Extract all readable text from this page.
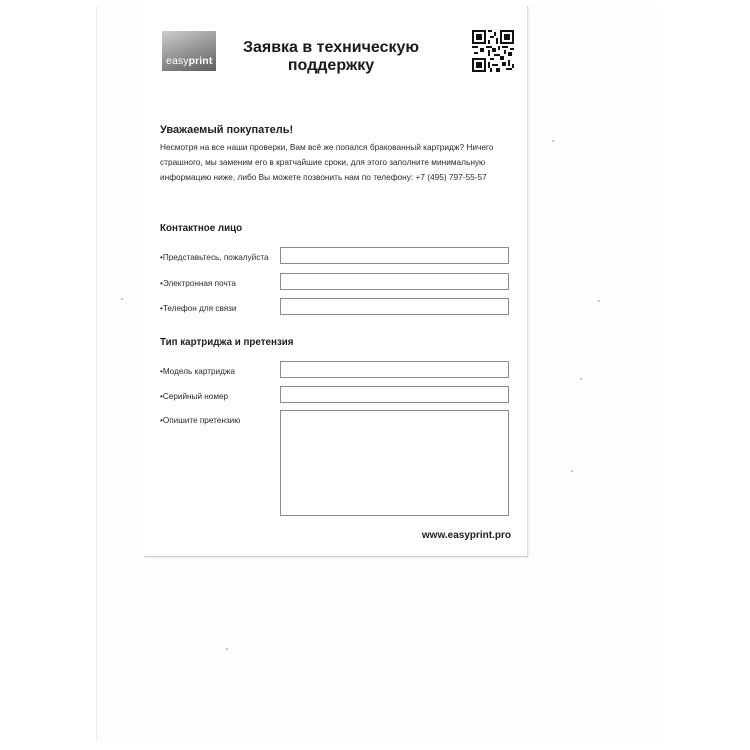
easyprint
Заявка в техническую
поддержку
Уважаемый покупатель!
Несмотря на все наши проверки, Вам всё же попался бракованный картридж? Ничего
страшного, мы заменим его в кратчайшие сроки, для этого заполните минимальную
информацию ниже, либо Вы можете позвонить нам по телефону: +7 (495) 797-55-57
Контактное лицо
•Представьтесь, пожалуйста
•Электронная почта
•Телефон для связи
Тип картриджа и претензия
•Модель картриджа
•Серийный номер
•Опишите претензию
www.easyprint.pro
